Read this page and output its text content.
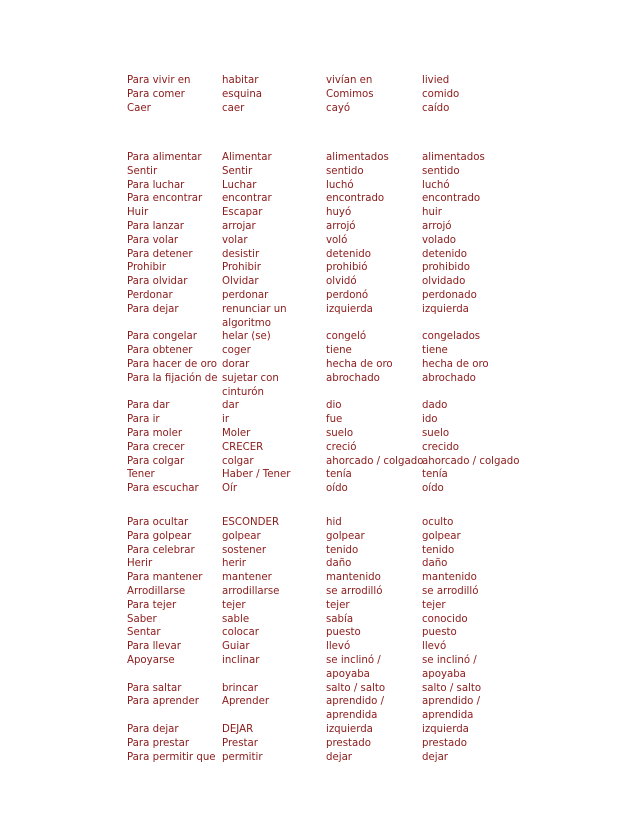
Para vivir en	habitar	vivían en	livied
Para comer	esquina	Comimos	comido
Caer	caer	cayó	caído
Para alimentar	Alimentar	alimentados	alimentados
Sentir	Sentir	sentido	sentido
Para luchar	Luchar	luchó	luchó
Para encontrar	encontrar	encontrado	encontrado
Huir	Escapar	huyó	huir
Para lanzar	arrojar	arrojó	arrojó
Para volar	volar	voló	volado
Para detener	desistir	detenido	detenido
Prohibir	Prohibir	prohibió	prohibido
Para olvidar	Olvidar	olvidó	olvidado
Perdonar	perdonar	perdonó	perdonado
Para dejar	renunciar un algoritmo	izquierda	izquierda
Para congelar	helar (se)	congeló	congelados
Para obtener	coger	tiene	tiene
Para hacer de oro	dorar	hecha de oro	hecha de oro
Para la fijación de	sujetar con cinturón	abrochado	abrochado
Para dar	dar	dio	dado
Para ir	ir	fue	ido
Para moler	Moler	suelo	suelo
Para crecer	CRECER	creció	crecido
Para colgar	colgar	ahorcado / colgado	ahorcado / colgado
Tener	Haber / Tener	tenía	tenía
Para escuchar	Oír	oído	oído
Para ocultar	ESCONDER	hid	oculto
Para golpear	golpear	golpear	golpear
Para celebrar	sostener	tenido	tenido
Herir	herir	daño	daño
Para mantener	mantener	mantenido	mantenido
Arrodillarse	arrodillarse	se arrodilló	se arrodilló
Para tejer	tejer	tejer	tejer
Saber	sable	sabía	conocido
Sentar	colocar	puesto	puesto
Para llevar	Guiar	llevó	llevó
Apoyarse	inclinar	se inclinó / apoyaba	se inclinó / apoyaba
Para saltar	brincar	salto / salto	salto / salto
Para aprender	Aprender	aprendido / aprendida	aprendido / aprendida
Para dejar	DEJAR	izquierda	izquierda
Para prestar	Prestar	prestado	prestado
Para permitir que	permitir	dejar	dejar
